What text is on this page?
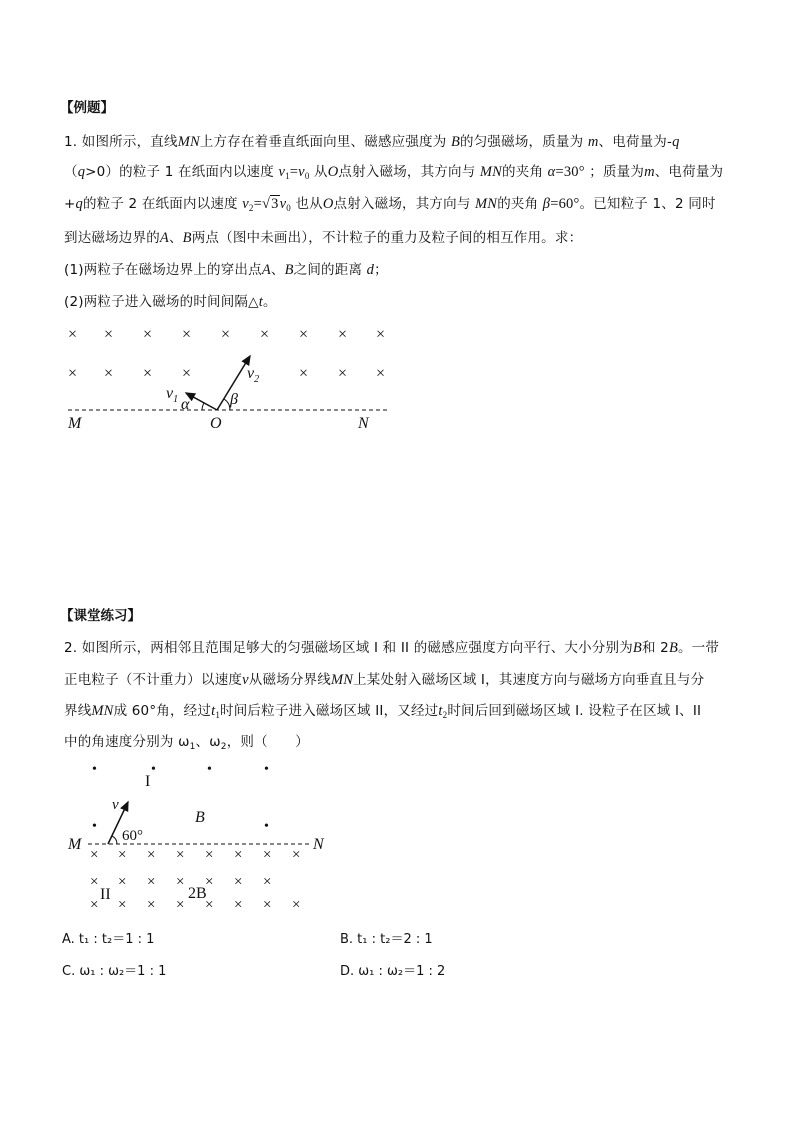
【例题】
1. 如图所示，直线MN上方存在着垂直纸面向里、磁感应强度为 B的匀强磁场，质量为 m、电荷量为-q
（q>0）的粒子 1 在纸面内以速度 $v_1=v_0$ 从O点射入磁场，其方向与 MN的夹角 α=30° ；质量为m、电荷量为
+q的粒子 2 在纸面内以速度 $v_2=√3v_0$ 也从O点射入磁场，其方向与 MN的夹角 β=60°。已知粒子 1、2 同时
到达磁场边界的A、B两点（图中未画出），不计粒子的重力及粒子间的相互作用。求：
(1)两粒子在磁场边界上的穿出点A、B之间的距离 d；
(2)两粒子进入磁场的时间间隔△t。
× × × × × × × × ×
× × × ×	× × ×
$v_1$ α
$v_2$
β
M	O	N
【课堂练习】
2. 如图所示，两相邻且范围足够大的匀强磁场区域 I 和 II 的磁感应强度方向平行、大小分别为B和 2B。一带
正电粒子（不计重力）以速度v从磁场分界线MN上某处射入磁场区域 I，其速度方向与磁场方向垂直且与分
界线MN成 60°角，经过$t_1$时间后粒子进入磁场区域 II，又经过$t_2$时间后回到磁场区域 I. 设粒子在区域 I、II
中的角速度分别为 $\omega_1$、$\omega_2$，则（　　）
•	•	•	•
•	•
I
B
M	N
v
60°
× × × × × × × ×
× × × × × × ×
× × × × × × × ×
II	2B
A. t₁ : t₂＝1 : 1	B. t₁ : t₂＝2 : 1
C. ω₁ : ω₂＝1 : 1	D. ω₁ : ω₂＝1 : 2
